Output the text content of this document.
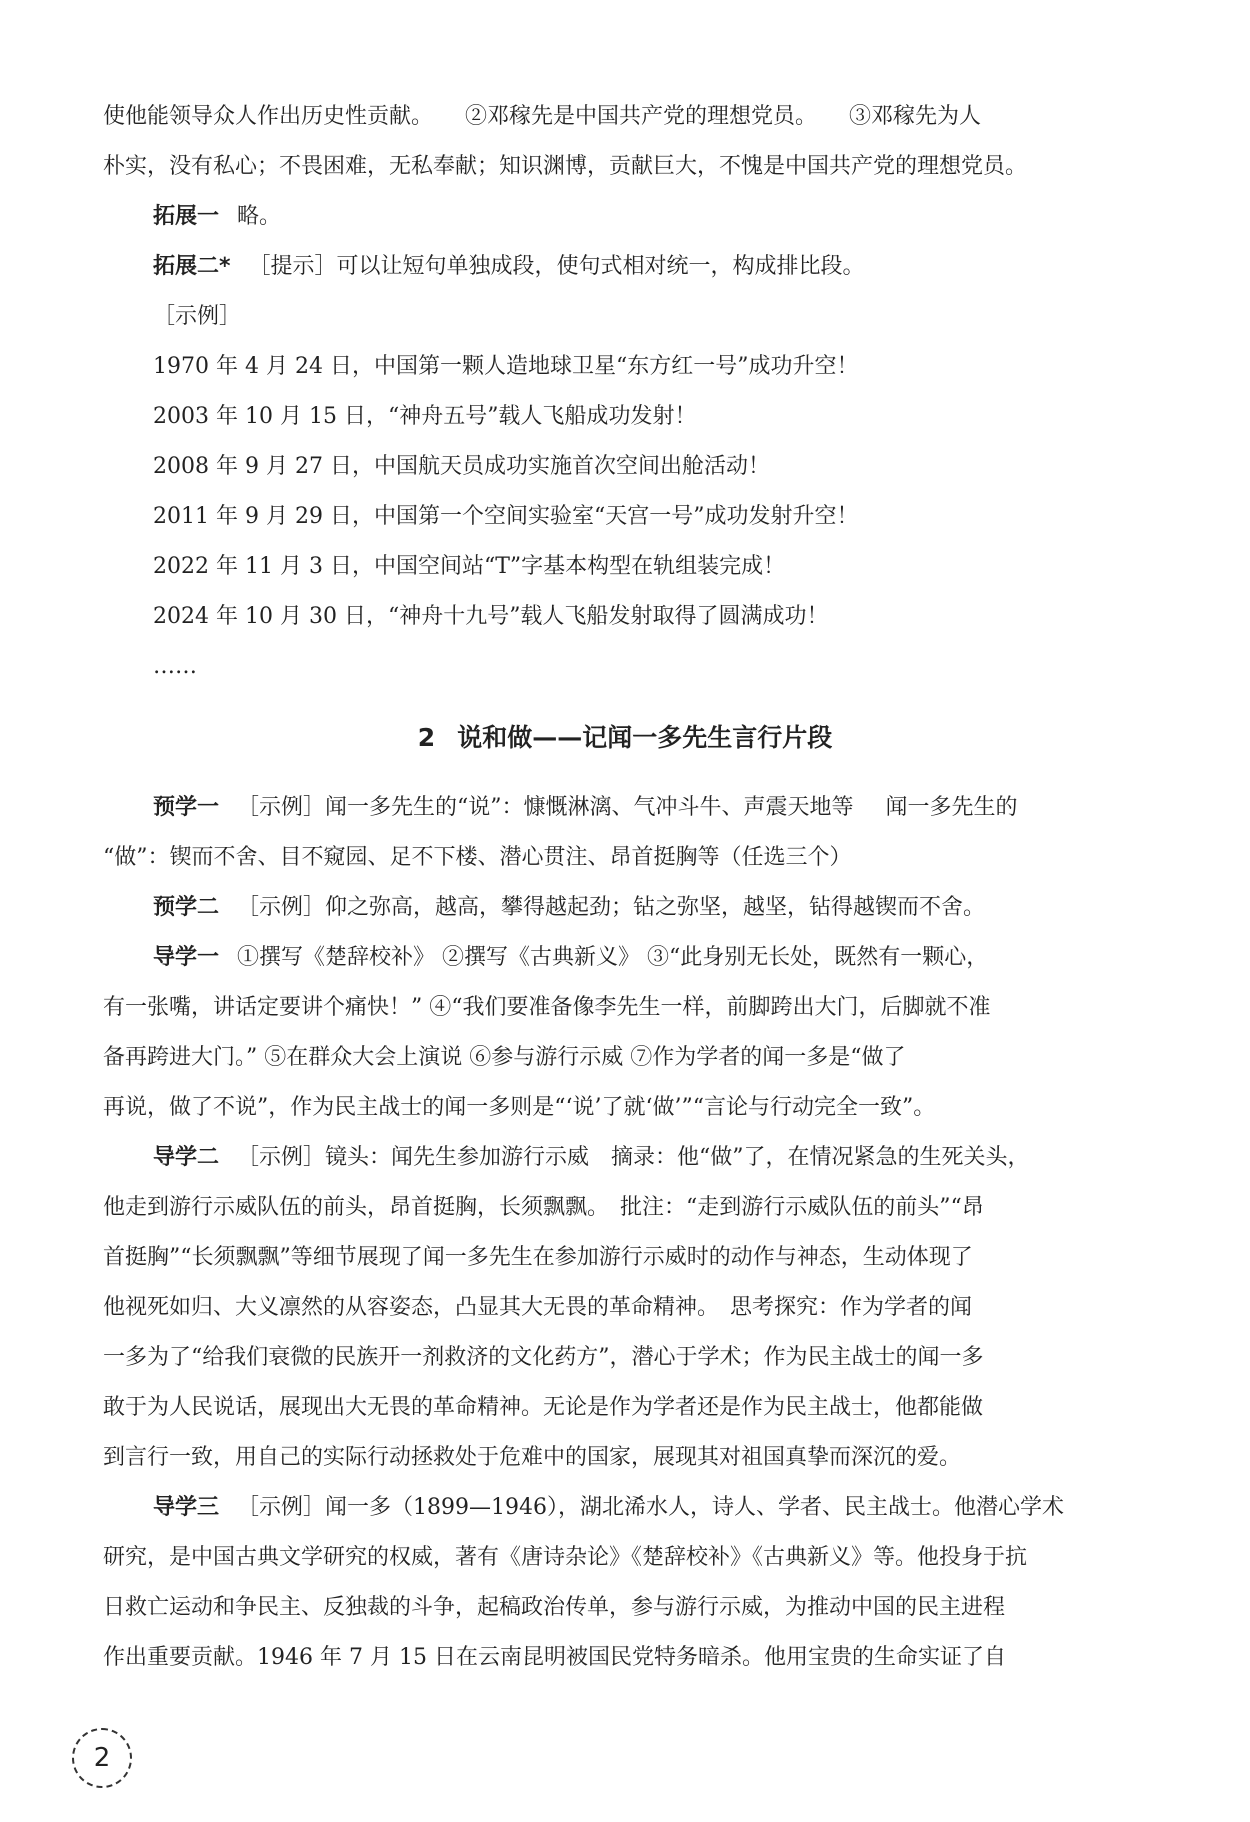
使他能领导众人作出历史性贡献。 ②邓稼先是中国共产党的理想党员。 ③邓稼先为人
朴实，没有私心；不畏困难，无私奉献；知识渊博，贡献巨大，不愧是中国共产党的理想党员。
拓展一 略。
拓展二* ［提示］可以让短句单独成段，使句式相对统一，构成排比段。
［示例］
1970 年 4 月 24 日，中国第一颗人造地球卫星“东方红一号”成功升空！
2003 年 10 月 15 日，“神舟五号”载人飞船成功发射！
2008 年 9 月 27 日，中国航天员成功实施首次空间出舱活动！
2011 年 9 月 29 日，中国第一个空间实验室“天宫一号”成功发射升空！
2022 年 11 月 3 日，中国空间站“T”字基本构型在轨组装完成！
2024 年 10 月 30 日，“神舟十九号”载人飞船发射取得了圆满成功！
……
2 说和做——记闻一多先生言行片段
预学一 ［示例］闻一多先生的“说”：慷慨淋漓、气冲斗牛、声震天地等 闻一多先生的
“做”：锲而不舍、目不窥园、足不下楼、潜心贯注、昂首挺胸等（任选三个）
预学二 ［示例］仰之弥高，越高，攀得越起劲；钻之弥坚，越坚，钻得越锲而不舍。
导学一 ①撰写《楚辞校补》 ②撰写《古典新义》 ③“此身别无长处，既然有一颗心，
有一张嘴，讲话定要讲个痛快！” ④“我们要准备像李先生一样，前脚跨出大门，后脚就不准
备再跨进大门。” ⑤在群众大会上演说 ⑥参与游行示威 ⑦作为学者的闻一多是“做了
再说，做了不说”，作为民主战士的闻一多则是“‘说’了就‘做’”“言论与行动完全一致”。
导学二 ［示例］镜头：闻先生参加游行示威　摘录：他“做”了，在情况紧急的生死关头，
他走到游行示威队伍的前头，昂首挺胸，长须飘飘。　批注：“走到游行示威队伍的前头”“昂
首挺胸”“长须飘飘”等细节展现了闻一多先生在参加游行示威时的动作与神态，生动体现了
他视死如归、大义凛然的从容姿态，凸显其大无畏的革命精神。　思考探究：作为学者的闻
一多为了“给我们衰微的民族开一剂救济的文化药方”，潜心于学术；作为民主战士的闻一多
敢于为人民说话，展现出大无畏的革命精神。无论是作为学者还是作为民主战士，他都能做
到言行一致，用自己的实际行动拯救处于危难中的国家，展现其对祖国真挚而深沉的爱。
导学三 ［示例］闻一多（1899—1946），湖北浠水人，诗人、学者、民主战士。他潜心学术
研究，是中国古典文学研究的权威，著有《唐诗杂论》《楚辞校补》《古典新义》等。他投身于抗
日救亡运动和争民主、反独裁的斗争，起稿政治传单，参与游行示威，为推动中国的民主进程
作出重要贡献。1946 年 7 月 15 日在云南昆明被国民党特务暗杀。他用宝贵的生命实证了自
2
